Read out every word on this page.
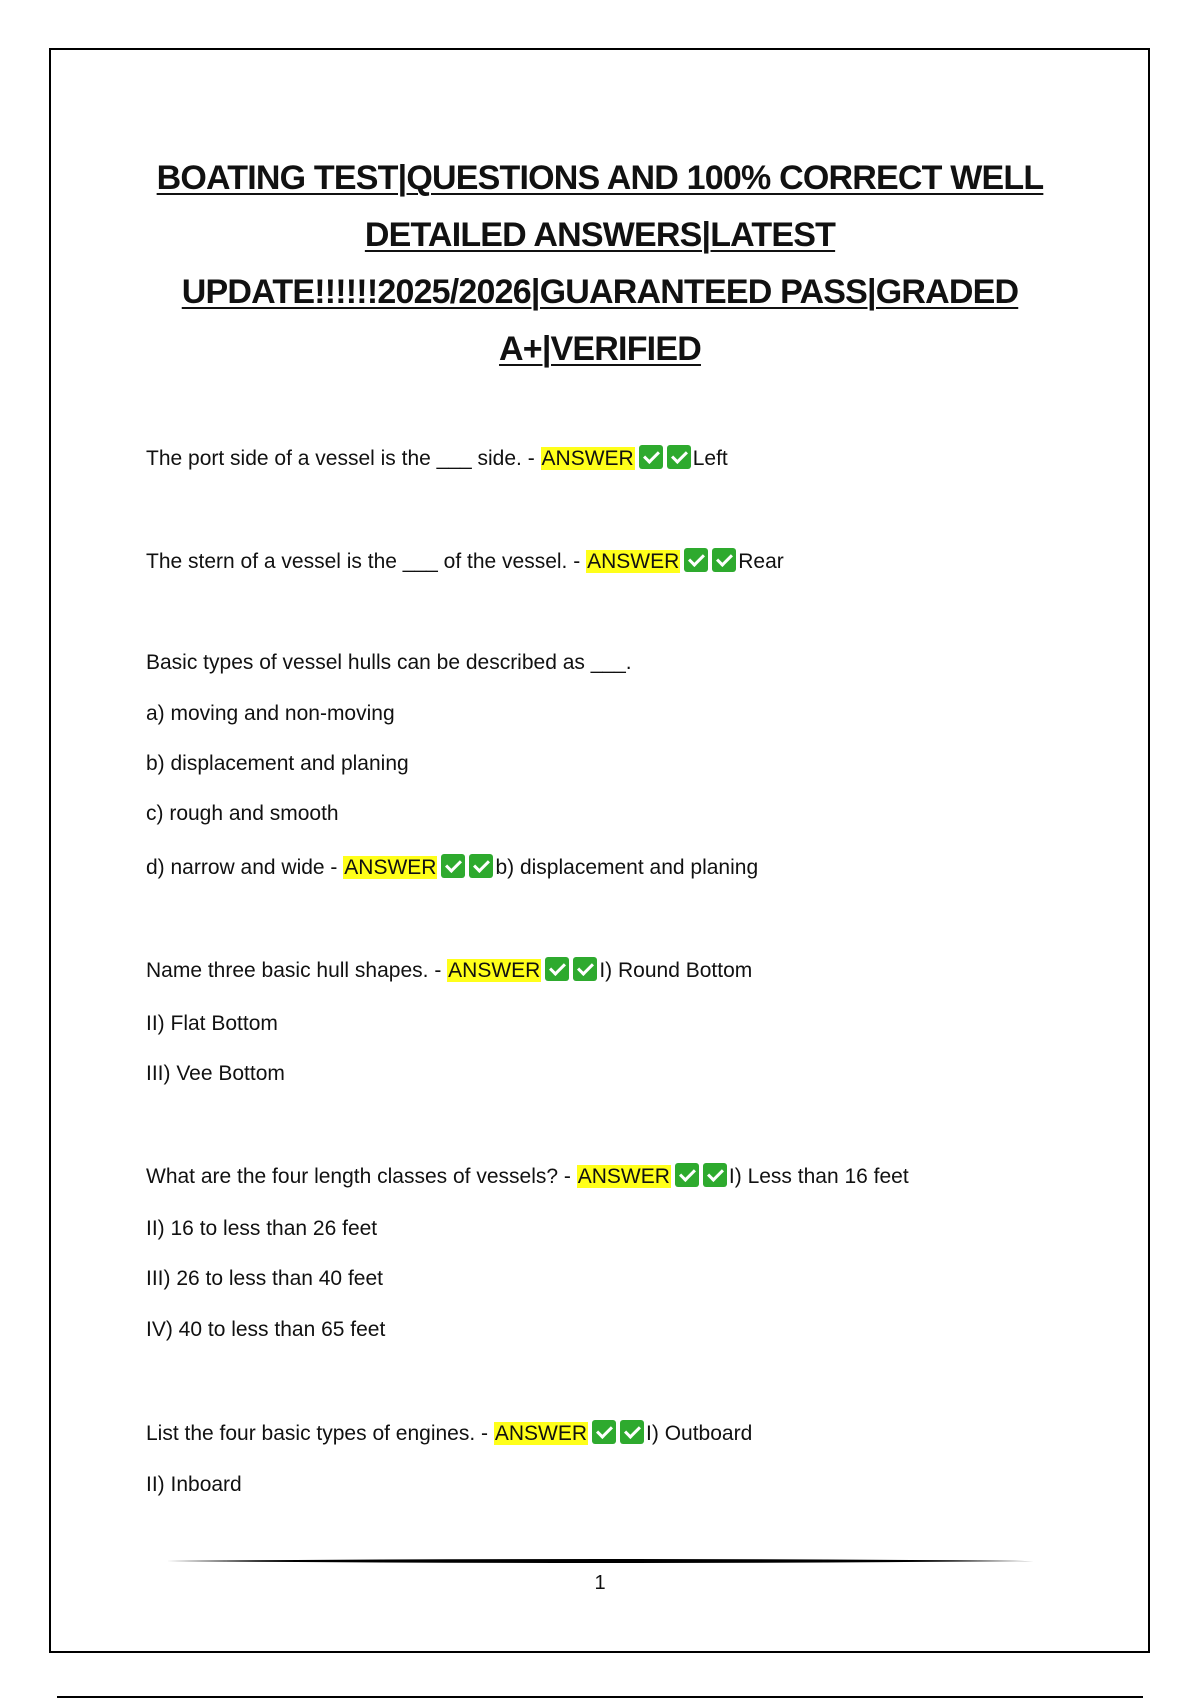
BOATING TEST|QUESTIONS AND 100% CORRECT WELL DETAILED ANSWERS|LATEST UPDATE!!!!!!2025/2026|GUARANTEED PASS|GRADED A+|VERIFIED
The port side of a vessel is the ___ side. - ANSWER	Left
The stern of a vessel is the ___ of the vessel. - ANSWER	Rear
Basic types of vessel hulls can be described as ___.
a) moving and non-moving
b) displacement and planing
c) rough and smooth
d) narrow and wide - ANSWER	b) displacement and planing
Name three basic hull shapes. - ANSWER	I) Round Bottom
II) Flat Bottom
III) Vee Bottom
What are the four length classes of vessels? - ANSWER	I) Less than 16 feet
II) 16 to less than 26 feet
III) 26 to less than 40 feet
IV) 40 to less than 65 feet
List the four basic types of engines. - ANSWER	I) Outboard
II) Inboard
1
